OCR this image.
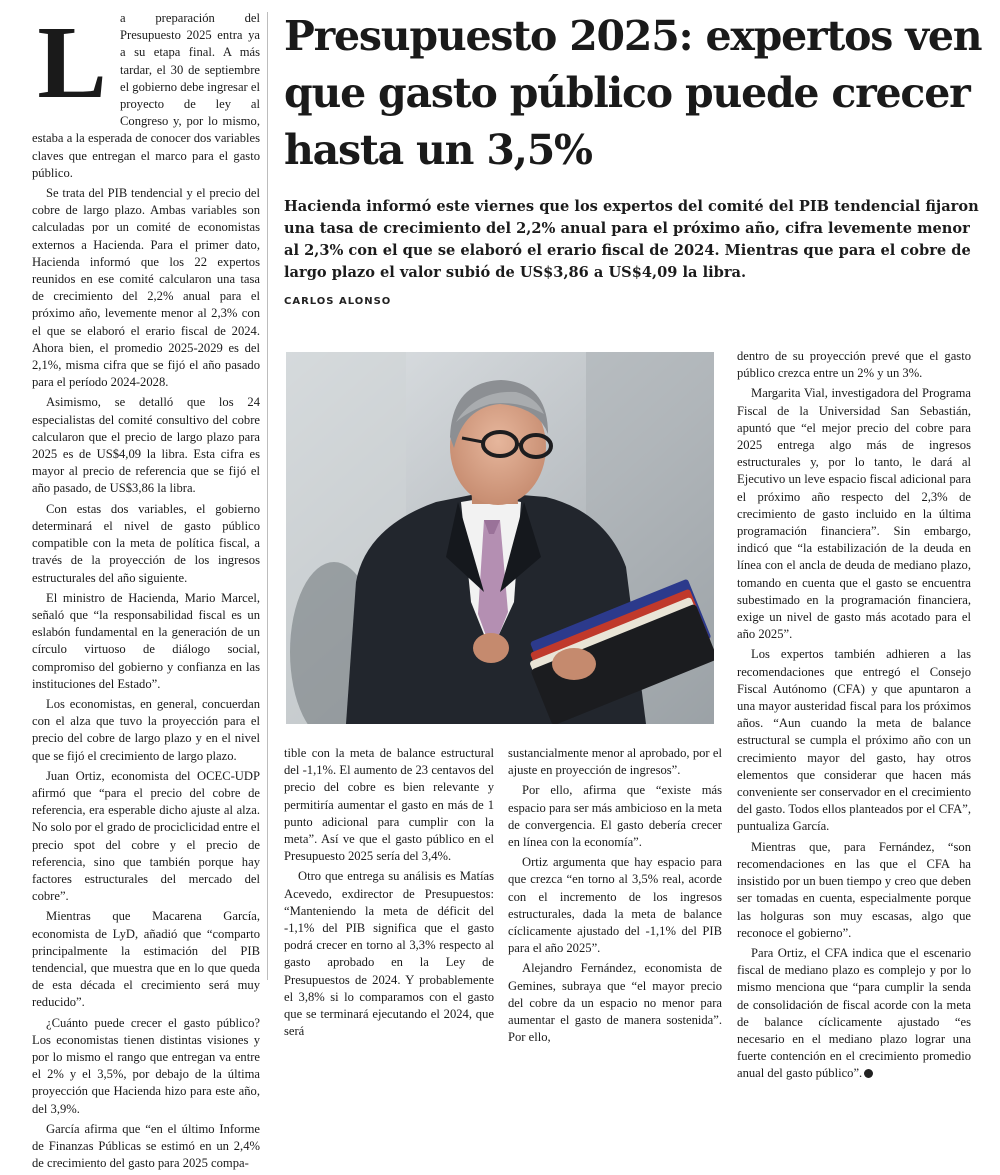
L	a preparación del Presupuesto 2025 entra ya a su etapa final. A más tardar, el 30 de septiembre el gobierno debe ingresar el proyecto de ley al Congreso y, por lo mismo, estaba a la esperada de conocer dos variables claves que entregan el marco para el gasto público.

Se trata del PIB tendencial y el precio del cobre de largo plazo. Ambas variables son calculadas por un comité de economistas externos a Hacienda. Para el primer dato, Hacienda informó que los 22 expertos reunidos en ese comité calcularon una tasa de crecimiento del 2,2% anual para el próximo año, levemente menor al 2,3% con el que se elaboró el erario fiscal de 2024. Ahora bien, el promedio 2025-2029 es del 2,1%, misma cifra que se fijó el año pasado para el período 2024-2028.

Asimismo, se detalló que los 24 especialistas del comité consultivo del cobre calcularon que el precio de largo plazo para 2025 es de US$4,09 la libra. Esta cifra es mayor al precio de referencia que se fijó el año pasado, de US$3,86 la libra.

Con estas dos variables, el gobierno determinará el nivel de gasto público compatible con la meta de política fiscal, a través de la proyección de los ingresos estructurales del año siguiente.

El ministro de Hacienda, Mario Marcel, señaló que “la responsabilidad fiscal es un eslabón fundamental en la generación de un círculo virtuoso de diálogo social, compromiso del gobierno y confianza en las instituciones del Estado”.

Los economistas, en general, concuerdan con el alza que tuvo la proyección para el precio del cobre de largo plazo y en el nivel que se fijó el crecimiento de largo plazo.

Juan Ortiz, economista del OCEC-UDP afirmó que “para el precio del cobre de referencia, era esperable dicho ajuste al alza. No solo por el grado de prociclicidad entre el precio spot del cobre y el precio de referencia, sino que también porque hay factores estructurales del mercado del cobre”.

Mientras que Macarena García, economista de LyD, añadió que “comparto principalmente la estimación del PIB tendencial, que muestra que en lo que queda de esta década el crecimiento será muy reducido”.

¿Cuánto puede crecer el gasto público? Los economistas tienen distintas visiones y por lo mismo el rango que entregan va entre el 2% y el 3,5%, por debajo de la última proyección que Hacienda hizo para este año, del 3,9%.

García afirma que “en el último Informe de Finanzas Públicas se estimó en un 2,4% de crecimiento del gasto para 2025 compa-

Presupuesto 2025: expertos ven que gasto público puede crecer hasta un 3,5%

Hacienda informó este viernes que los expertos del comité del PIB tendencial fijaron una tasa de crecimiento del 2,2% anual para el próximo año, cifra levemente menor al 2,3% con el que se elaboró el erario fiscal de 2024. Mientras que para el cobre de largo plazo el valor subió de US$3,86 a US$4,09 la libra.

CARLOS ALONSO

tible con la meta de balance estructural del -1,1%. El aumento de 23 centavos del precio del cobre es bien relevante y permitiría aumentar el gasto en más de 1 punto adicional para cumplir con la meta”. Así ve que el gasto público en el Presupuesto 2025 sería del 3,4%.

Otro que entrega su análisis es Matías Acevedo, exdirector de Presupuestos: “Manteniendo la meta de déficit del -1,1% del PIB significa que el gasto podrá crecer en torno al 3,3% respecto al gasto aprobado en la Ley de Presupuestos de 2024. Y probablemente el 3,8% si lo comparamos con el gasto que se terminará ejecutando el 2024, que será

sustancialmente menor al aprobado, por el ajuste en proyección de ingresos”.

Por ello, afirma que “existe más espacio para ser más ambicioso en la meta de convergencia. El gasto debería crecer en línea con la economía”.

Ortiz argumenta que hay espacio para que crezca “en torno al 3,5% real, acorde con el incremento de los ingresos estructurales, dada la meta de balance cíclicamente ajustado del -1,1% del PIB para el año 2025”.

Alejandro Fernández, economista de Gemines, subraya que “el mayor precio del cobre da un espacio no menor para aumentar el gasto de manera sostenida”. Por ello,

dentro de su proyección prevé que el gasto público crezca entre un 2% y un 3%.

Margarita Vial, investigadora del Programa Fiscal de la Universidad San Sebastián, apuntó que “el mejor precio del cobre para 2025 entrega algo más de ingresos estructurales y, por lo tanto, le dará al Ejecutivo un leve espacio fiscal adicional para el próximo año respecto del 2,3% de crecimiento de gasto incluido en la última programación financiera”. Sin embargo, indicó que “la estabilización de la deuda en línea con el ancla de deuda de mediano plazo, tomando en cuenta que el gasto se encuentra subestimado en la programación financiera, exige un nivel de gasto más acotado para el año 2025”.

Los expertos también adhieren a las recomendaciones que entregó el Consejo Fiscal Autónomo (CFA) y que apuntaron a una mayor austeridad fiscal para los próximos años. “Aun cuando la meta de balance estructural se cumpla el próximo año con un crecimiento mayor del gasto, hay otros elementos que considerar que hacen más conveniente ser conservador en el crecimiento del gasto. Todos ellos planteados por el CFA”, puntualiza García.

Mientras que, para Fernández, “son recomendaciones en las que el CFA ha insistido por un buen tiempo y creo que deben ser tomadas en cuenta, especialmente porque las holguras son muy escasas, algo que reconoce el gobierno”.

Para Ortiz, el CFA indica que el escenario fiscal de mediano plazo es complejo y por lo mismo menciona que “para cumplir la senda de consolidación de fiscal acorde con la meta de balance cíclicamente ajustado “es necesario en el mediano plazo lograr una fuerte contención en el crecimiento promedio anual del gasto público”.
